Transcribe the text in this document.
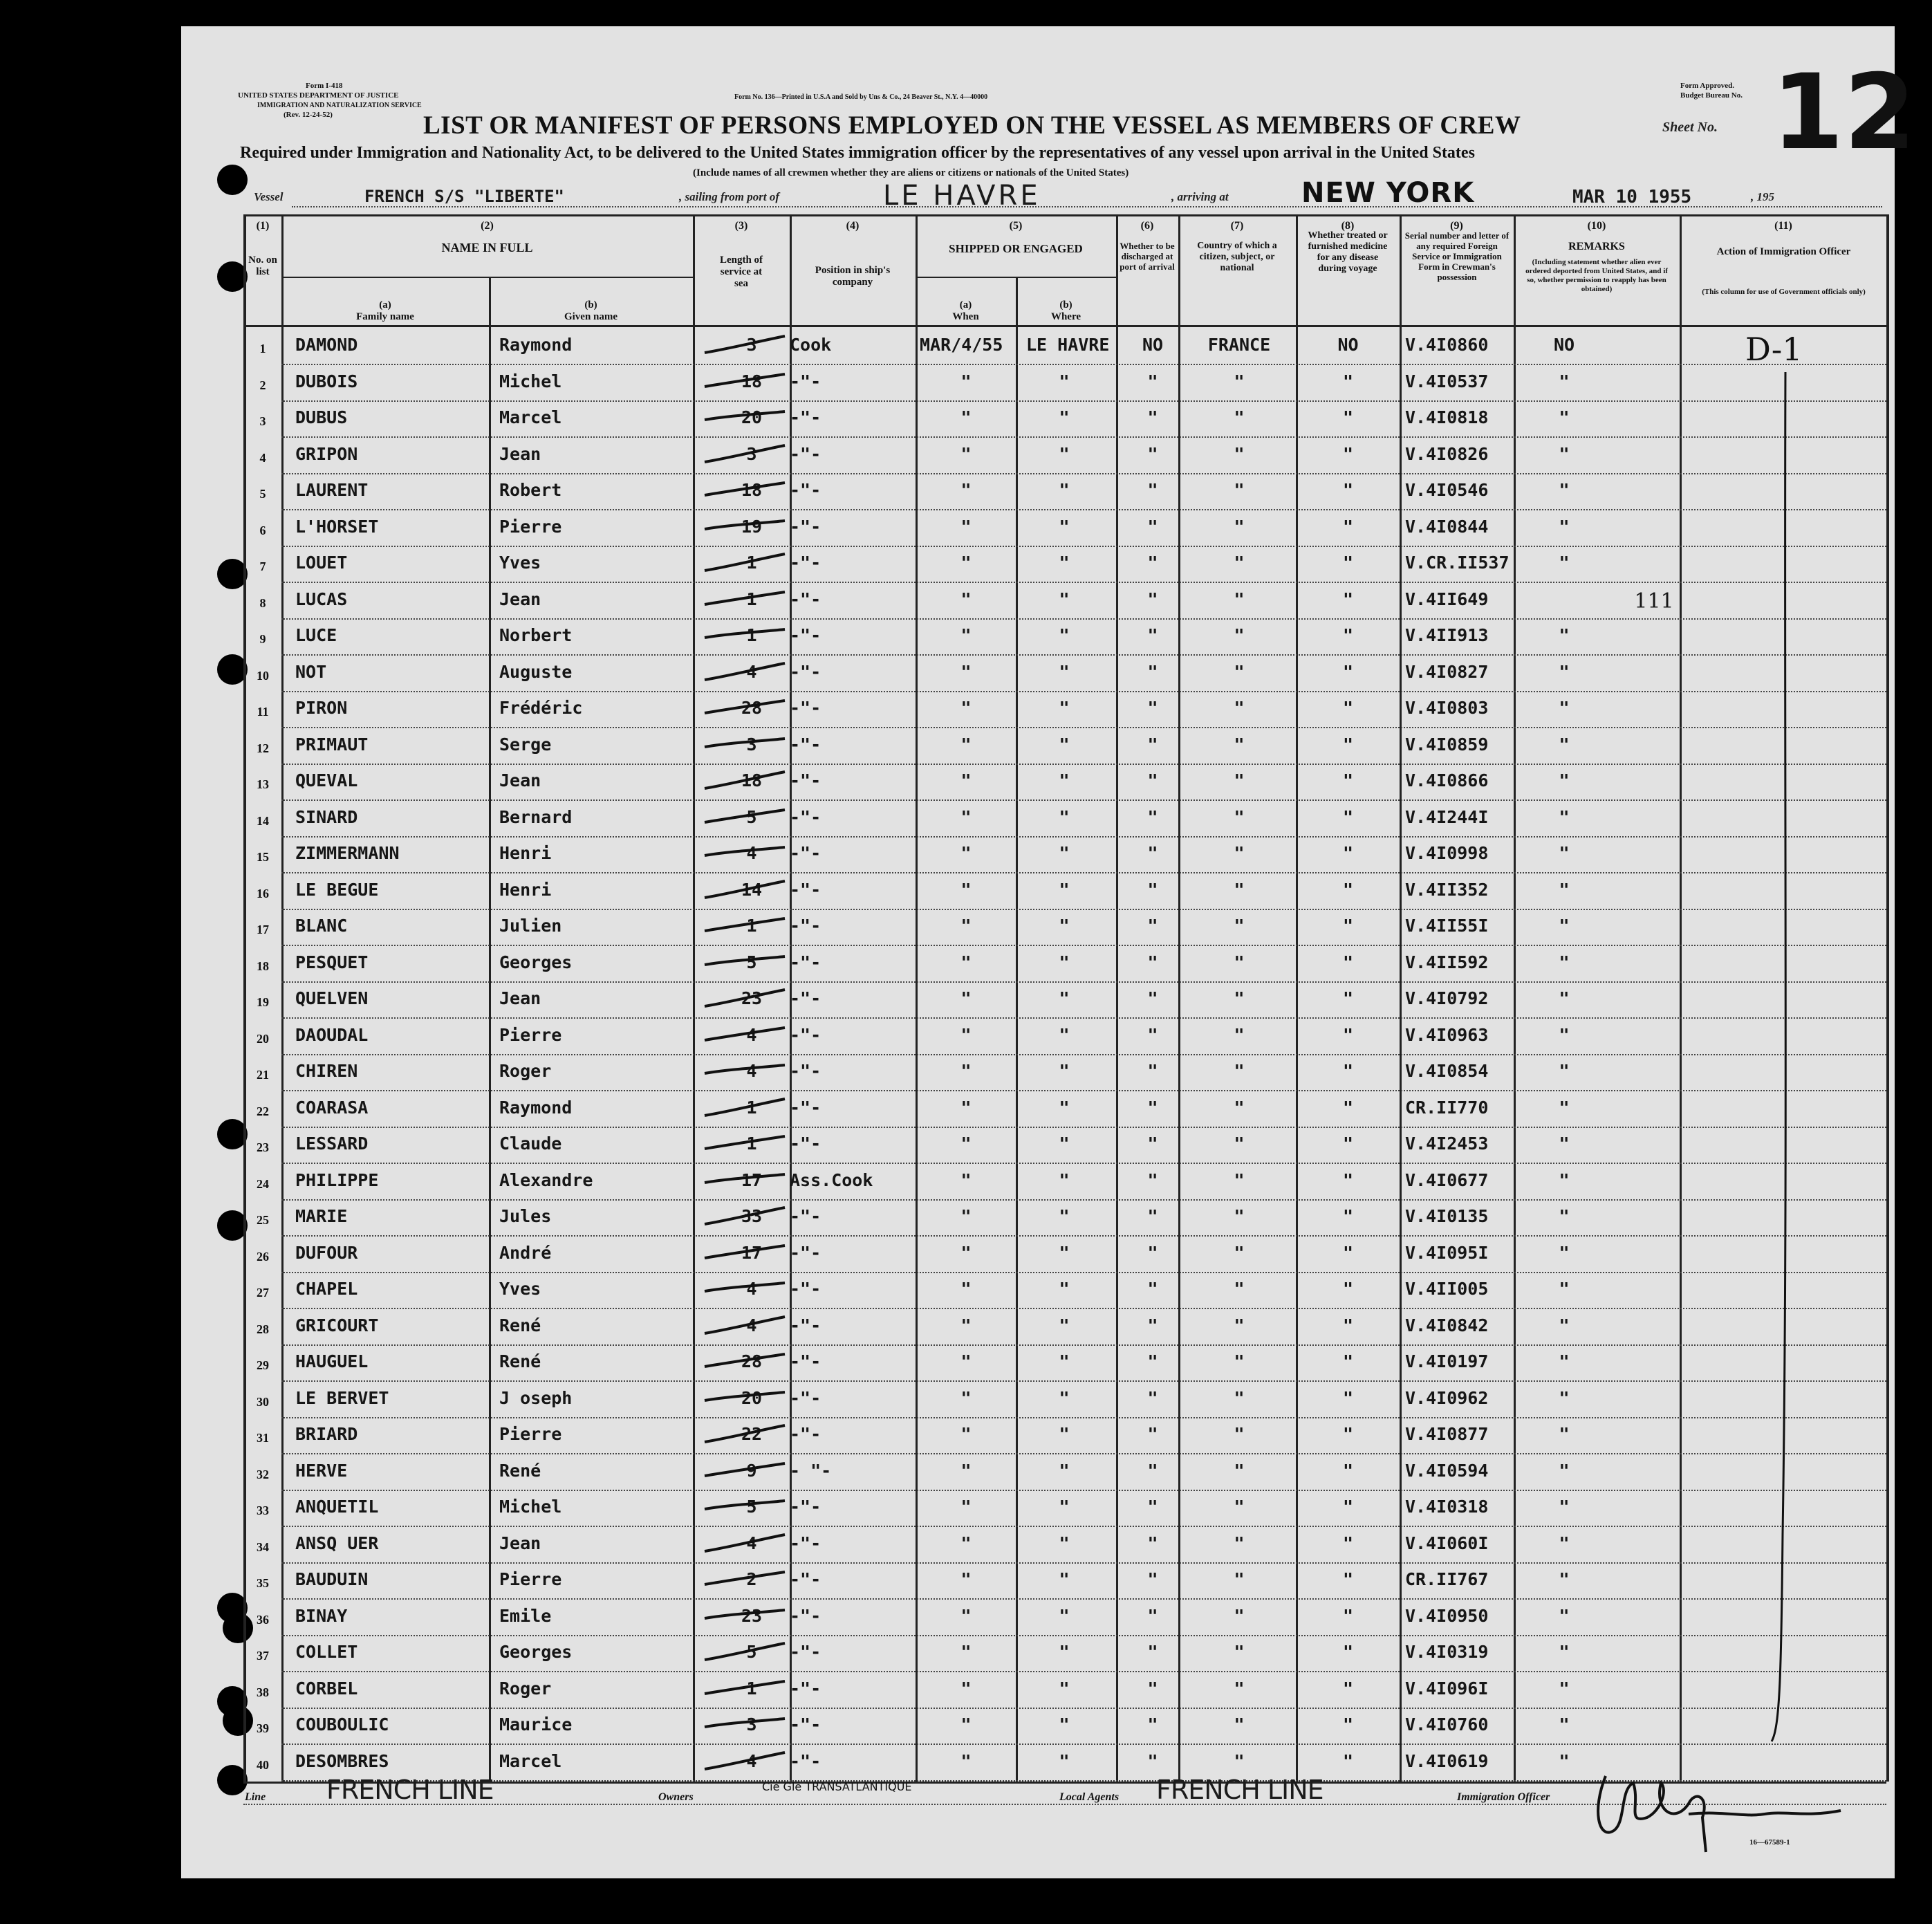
Form I-418
UNITED STATES DEPARTMENT OF JUSTICE
IMMIGRATION AND NATURALIZATION SERVICE
(Rev. 12-24-52)
Form No. 136—Printed in U.S.A and Sold by Uns & Co., 24 Beaver St., N.Y. 4—40000
Form Approved.
Budget Bureau No.
Sheet No. 12
LIST OR MANIFEST OF PERSONS EMPLOYED ON THE VESSEL AS MEMBERS OF CREW
Required under Immigration and Nationality Act, to be delivered to the United States immigration officer by the representatives of any vessel upon arrival in the United States
(Include names of all crewmen whether they are aliens or citizens or nationals of the United States)
Vessel	FRENCH S/S "LIBERTE"	, sailing from port of	LE HAVRE	, arriving at	NEW YORK	MAR 10 1955	, 195
(1)	(2)	(3)	(4)	(5)	(6)	(7)	(8)	(9)	(10)	(11)
No. on list
NAME IN FULL
(a)
Family name
(b)
Given name
Length of service at sea
Position in ship's company
SHIPPED OR ENGAGED
(a)
When
(b)
Where
Whether to be discharged at port of arrival
Country of which a citizen, subject, or national
Whether treated or furnished medicine for any disease during voyage
Serial number and letter of any required Foreign Service or Immigration Form in Crewman's possession
REMARKS
(Including statement whether alien ever ordered deported from United States, and if so, whether permission to reapply has been obtained)
Action of Immigration Officer
(This column for use of Government officials only)
1	DAMOND	Raymond	3	Cook	MAR/4/55 LE HAVRE	NO	FRANCE	NO	V.4I0860	NO
2	DUBOIS	Michel	18	-"-	"	"	"	"	"	V.4I0537	"
3	DUBUS	Marcel	20	-"-	"	"	"	"	"	V.4I0818	"
4	GRIPON	Jean	3	-"-	"	"	"	"	"	V.4I0826	"
5	LAURENT	Robert	18	-"-	"	"	"	"	"	V.4I0546	"
6	L'HORSET	Pierre	19	-"-	"	"	"	"	"	V.4I0844	"
7	LOUET	Yves	1	-"-	"	"	"	"	"	V.CR.II537	"
8	LUCAS	Jean	1	-"-	"	"	"	"	"	V.4II649	111
9	LUCE	Norbert	1	-"-	"	"	"	"	"	V.4II913	"
10	NOT	Auguste	4	-"-	"	"	"	"	"	V.4I0827	"
11	PIRON	Frédéric	28	-"-	"	"	"	"	"	V.4I0803	"
12	PRIMAUT	Serge	3	-"-	"	"	"	"	"	V.4I0859	"
13	QUEVAL	Jean	18	-"-	"	"	"	"	"	V.4I0866	"
14	SINARD	Bernard	5	-"-	"	"	"	"	"	V.4I244I	"
15	ZIMMERMANN	Henri	4	-"-	"	"	"	"	"	V.4I0998	"
16	LE BEGUE	Henri	14	-"-	"	"	"	"	"	V.4II352	"
17	BLANC	Julien	1	-"-	"	"	"	"	"	V.4II55I	"
18	PESQUET	Georges	5	-"-	"	"	"	"	"	V.4II592	"
19	QUELVEN	Jean	23	-"-	"	"	"	"	"	V.4I0792	"
20	DAOUDAL	Pierre	4	-"-	"	"	"	"	"	V.4I0963	"
21	CHIREN	Roger	4	-"-	"	"	"	"	"	V.4I0854	"
22	COARASA	Raymond	1	-"-	"	"	"	"	"	CR.II770	"
23	LESSARD	Claude	1	-"-	"	"	"	"	"	V.4I2453	"
24	PHILIPPE	Alexandre	17	Ass.Cook	"	"	"	"	"	V.4I0677	"
25	MARIE	Jules	33	-"-	"	"	"	"	"	V.4I0135	"
26	DUFOUR	André	17	-"-	"	"	"	"	"	V.4I095I	"
27	CHAPEL	Yves	4	-"-	"	"	"	"	"	V.4II005	"
28	GRICOURT	René	4	-"-	"	"	"	"	"	V.4I0842	"
29	HAUGUEL	René	28	-"-	"	"	"	"	"	V.4I0197	"
30	LE BERVET	J oseph	20	-"-	"	"	"	"	"	V.4I0962	"
31	BRIARD	Pierre	22	-"-	"	"	"	"	"	V.4I0877	"
32	HERVE	René	9	- "-	"	"	"	"	"	V.4I0594	"
33	ANQUETIL	Michel	5	-"-	"	"	"	"	"	V.4I0318	"
34	ANSQ UER	Jean	4	-"-	"	"	"	"	"	V.4I060I	"
35	BAUDUIN	Pierre	2	-"-	"	"	"	"	"	CR.II767	"
36	BINAY	Emile	23	-"-	"	"	"	"	"	V.4I0950	"
37	COLLET	Georges	5	-"-	"	"	"	"	"	V.4I0319	"
38	CORBEL	Roger	1	-"-	"	"	"	"	"	V.4I096I	"
39	COUBOULIC	Maurice	3	-"-	"	"	"	"	"	V.4I0760	"
40	DESOMBRES	Marcel	4	-"-	"	"	"	"	"	V.4I0619	"
D-1
Line FRENCH LINE	Owners
Cie Gle TRANSATLANTIQUE
Local Agents FRENCH LINE	Immigration Officer
16—67589-1
